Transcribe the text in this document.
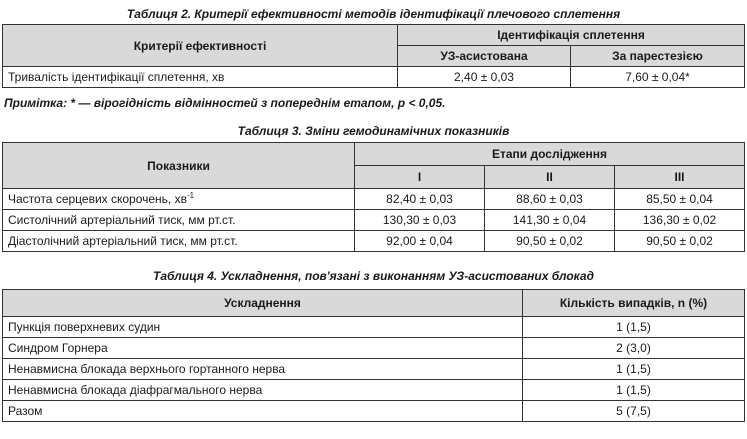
Таблиця 2. Критерії ефективності методів ідентифікації плечового сплетення
Критерії ефективності	Ідентифікація сплетення	
	УЗ-асистована	За парестезією
Тривалість ідентифікації сплетення, хв	2,40 ± 0,03	7,60 ± 0,04*
Примітка: * — вірогідність відмінностей з попереднім етапом, p < 0,05.
Таблиця 3. Зміни гемодинамічних показників
Показники	Етапи дослідження		
	I	II	III
Частота серцевих скорочень, $хв^{-1}$	82,40 ± 0,03	88,60 ± 0,03	85,50 ± 0,04
Систолічний артеріальний тиск, мм рт.ст.	130,30 ± 0,03	141,30 ± 0,04	136,30 ± 0,02
Діастолічний артеріальний тиск, мм рт.ст.	92,00 ± 0,04	90,50 ± 0,02	90,50 ± 0,02
Таблиця 4. Ускладнення, пов'язані з виконанням УЗ-асистованих блокад
Ускладнення	Кількість випадків, n (%)
Пункція поверхневих судин	1 (1,5)
Синдром Горнера	2 (3,0)
Ненавмисна блокада верхнього гортанного нерва	1 (1,5)
Ненавмисна блокада діафрагмального нерва	1 (1,5)
Разом	5 (7,5)
